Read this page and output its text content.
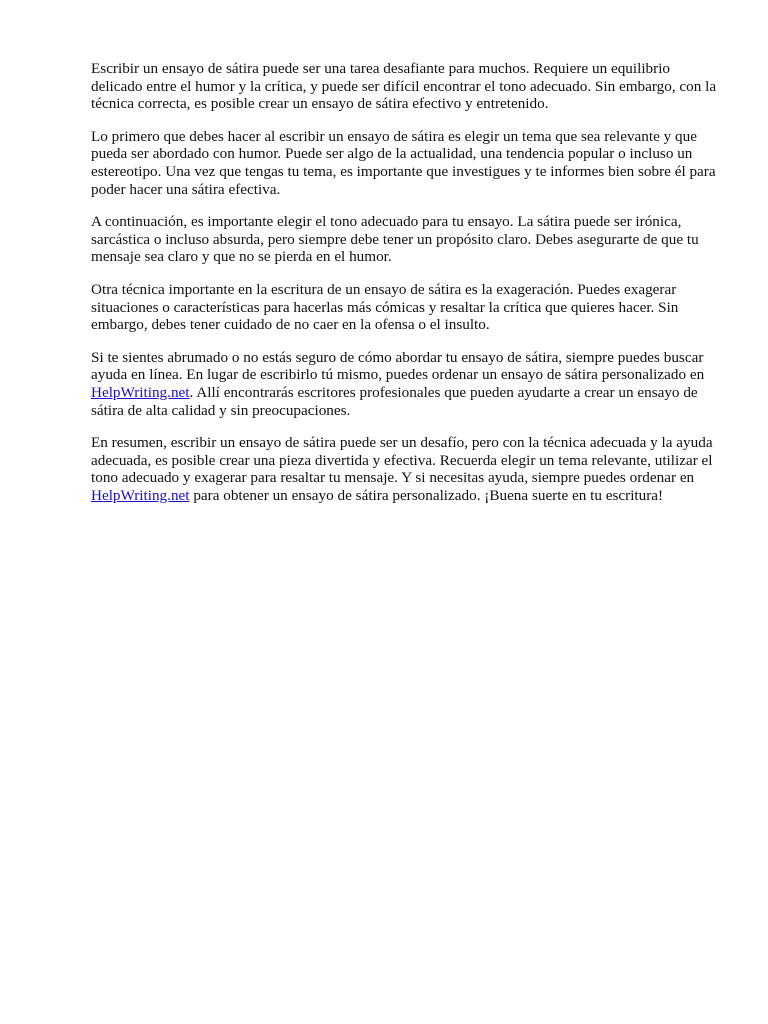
Escribir un ensayo de sátira puede ser una tarea desafiante para muchos. Requiere un equilibrio delicado entre el humor y la crítica, y puede ser difícil encontrar el tono adecuado. Sin embargo, con la técnica correcta, es posible crear un ensayo de sátira efectivo y entretenido.

Lo primero que debes hacer al escribir un ensayo de sátira es elegir un tema que sea relevante y que pueda ser abordado con humor. Puede ser algo de la actualidad, una tendencia popular o incluso un estereotipo. Una vez que tengas tu tema, es importante que investigues y te informes bien sobre él para poder hacer una sátira efectiva.

A continuación, es importante elegir el tono adecuado para tu ensayo. La sátira puede ser irónica, sarcástica o incluso absurda, pero siempre debe tener un propósito claro. Debes asegurarte de que tu mensaje sea claro y que no se pierda en el humor.

Otra técnica importante en la escritura de un ensayo de sátira es la exageración. Puedes exagerar situaciones o características para hacerlas más cómicas y resaltar la crítica que quieres hacer. Sin embargo, debes tener cuidado de no caer en la ofensa o el insulto.

Si te sientes abrumado o no estás seguro de cómo abordar tu ensayo de sátira, siempre puedes buscar ayuda en línea. En lugar de escribirlo tú mismo, puedes ordenar un ensayo de sátira personalizado en HelpWriting.net. Allí encontrarás escritores profesionales que pueden ayudarte a crear un ensayo de sátira de alta calidad y sin preocupaciones.

En resumen, escribir un ensayo de sátira puede ser un desafío, pero con la técnica adecuada y la ayuda adecuada, es posible crear una pieza divertida y efectiva. Recuerda elegir un tema relevante, utilizar el tono adecuado y exagerar para resaltar tu mensaje. Y si necesitas ayuda, siempre puedes ordenar en HelpWriting.net para obtener un ensayo de sátira personalizado. ¡Buena suerte en tu escritura!
